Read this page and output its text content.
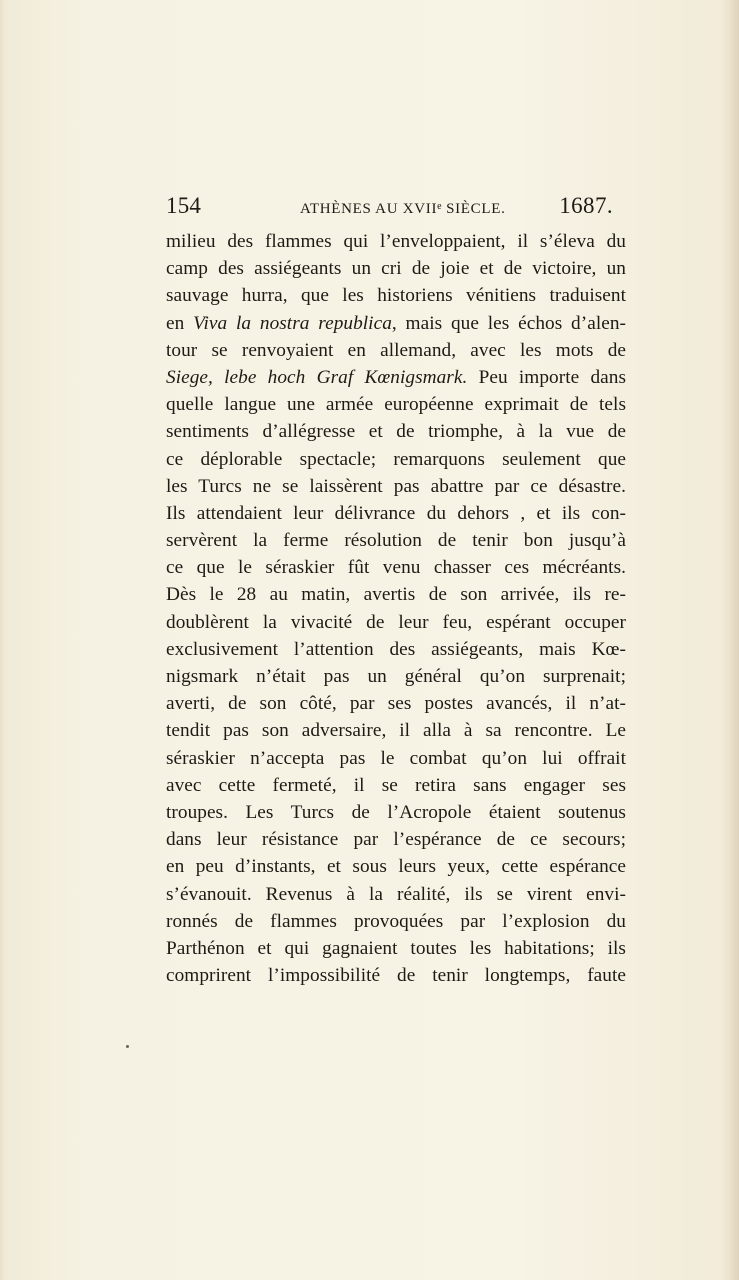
154	ATHÈNES AU XVIIe SIÈCLE. 1687.
milieu des flammes qui l’enveloppaient, il s’éleva du
camp des assiégeants un cri de joie et de victoire, un
sauvage hurra, que les historiens vénitiens traduisent
en Viva la nostra republica, mais que les échos d’alen-
tour se renvoyaient en allemand, avec les mots de
Siege, lebe hoch Graf Kœnigsmark. Peu importe dans
quelle langue une armée européenne exprimait de tels
sentiments d’allégresse et de triomphe, à la vue de
ce déplorable spectacle; remarquons seulement que
les Turcs ne se laissèrent pas abattre par ce désastre.
Ils attendaient leur délivrance du dehors , et ils con-
servèrent la ferme résolution de tenir bon jusqu’à
ce que le séraskier fût venu chasser ces mécréants.
Dès le 28 au matin, avertis de son arrivée, ils re-
doublèrent la vivacité de leur feu, espérant occuper
exclusivement l’attention des assiégeants, mais Kœ-
nigsmark n’était pas un général qu’on surprenait;
averti, de son côté, par ses postes avancés, il n’at-
tendit pas son adversaire, il alla à sa rencontre. Le
séraskier n’accepta pas le combat qu’on lui offrait
avec cette fermeté, il se retira sans engager ses
troupes. Les Turcs de l’Acropole étaient soutenus
dans leur résistance par l’espérance de ce secours;
en peu d’instants, et sous leurs yeux, cette espérance
s’évanouit. Revenus à la réalité, ils se virent envi-
ronnés de flammes provoquées par l’explosion du
Parthénon et qui gagnaient toutes les habitations; ils
comprirent l’impossibilité de tenir longtemps, faute
